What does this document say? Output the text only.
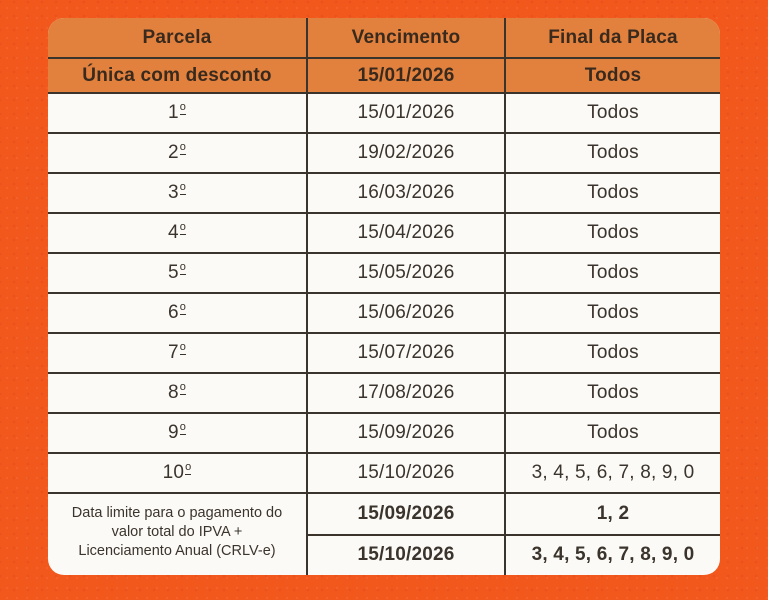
Parcela	Vencimento	Final da Placa
Única com desconto	15/01/2026	Todos
1 o	15/01/2026	Todos
2 o	19/02/2026	Todos
3 o	16/03/2026	Todos
4 o	15/04/2026	Todos
5 o	15/05/2026	Todos
6 o	15/06/2026	Todos
7 o	15/07/2026	Todos
8 o	17/08/2026	Todos
9 o	15/09/2026	Todos
10 o	15/10/2026	3, 4, 5, 6, 7, 8, 9, 0
Data limite para o pagamento do valor total do IPVA + Licenciamento Anual (CRLV-e)
15/09/2026	1, 2
15/10/2026	3, 4, 5, 6, 7, 8, 9, 0
